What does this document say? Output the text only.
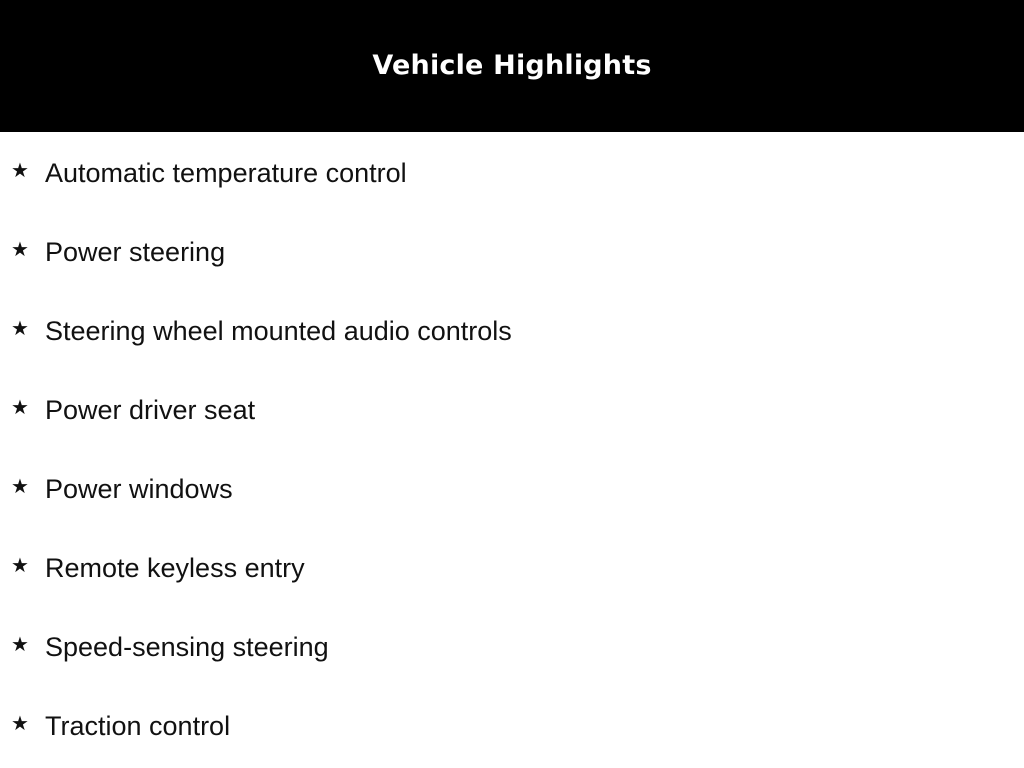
Vehicle Highlights
★ Automatic temperature control
★ Power steering
★ Steering wheel mounted audio controls
★ Power driver seat
★ Power windows
★ Remote keyless entry
★ Speed-sensing steering
★ Traction control
